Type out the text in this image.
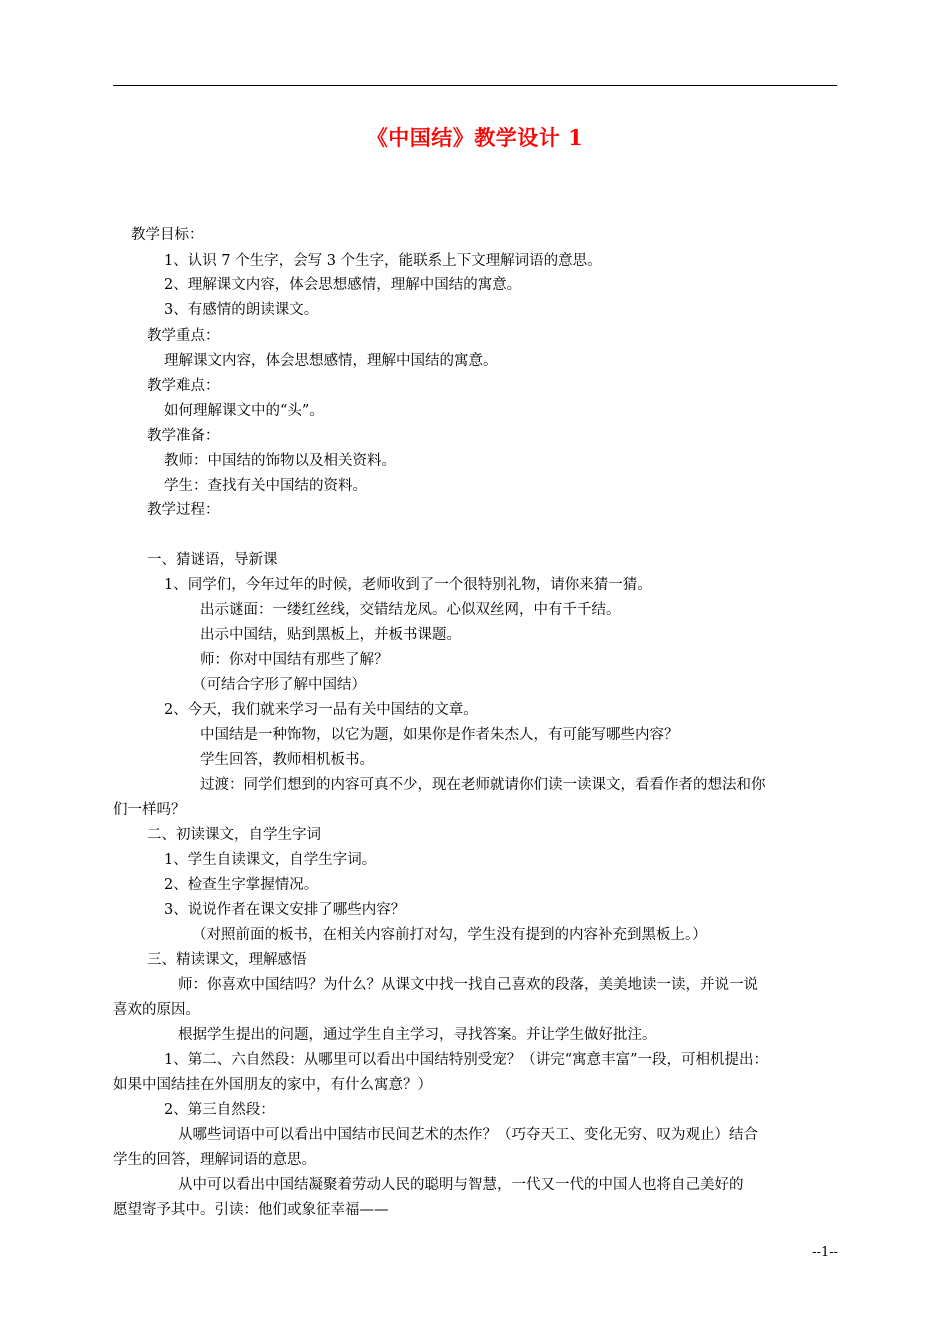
《中国结》教学设计 1
教学目标：
1、认识 7 个生字，会写 3 个生字，能联系上下文理解词语的意思。
2、理解课文内容，体会思想感情，理解中国结的寓意。
3、有感情的朗读课文。
教学重点：
理解课文内容，体会思想感情，理解中国结的寓意。
教学难点：
如何理解课文中的“头”。
教学准备：
教师：中国结的饰物以及相关资料。
学生：查找有关中国结的资料。
教学过程：
一、猜谜语，导新课
1、同学们，今年过年的时候，老师收到了一个很特别礼物，请你来猜一猜。
出示谜面：一缕红丝线，交错结龙凤。心似双丝网，中有千千结。
出示中国结，贴到黑板上，并板书课题。
师：你对中国结有那些了解？
（可结合字形了解中国结）
2、今天，我们就来学习一品有关中国结的文章。
中国结是一种饰物，以它为题，如果你是作者朱杰人，有可能写哪些内容？
学生回答，教师相机板书。
过渡：同学们想到的内容可真不少，现在老师就请你们读一读课文，看看作者的想法和你
们一样吗？
二、初读课文，自学生字词
1、学生自读课文，自学生字词。
2、检查生字掌握情况。
3、说说作者在课文安排了哪些内容？
（对照前面的板书，在相关内容前打对勾，学生没有提到的内容补充到黑板上。）
三、精读课文，理解感悟
师：你喜欢中国结吗？为什么？从课文中找一找自己喜欢的段落，美美地读一读，并说一说
喜欢的原因。
根据学生提出的问题，通过学生自主学习，寻找答案。并让学生做好批注。
1、第二、六自然段：从哪里可以看出中国结特别受宠？（讲完“寓意丰富”一段，可相机提出：
如果中国结挂在外国朋友的家中，有什么寓意？）
2、第三自然段：
从哪些词语中可以看出中国结市民间艺术的杰作？（巧夺天工、变化无穷、叹为观止）结合
学生的回答，理解词语的意思。
从中可以看出中国结凝聚着劳动人民的聪明与智慧，一代又一代的中国人也将自己美好的
愿望寄予其中。引读：他们或象征幸福——
--1--
